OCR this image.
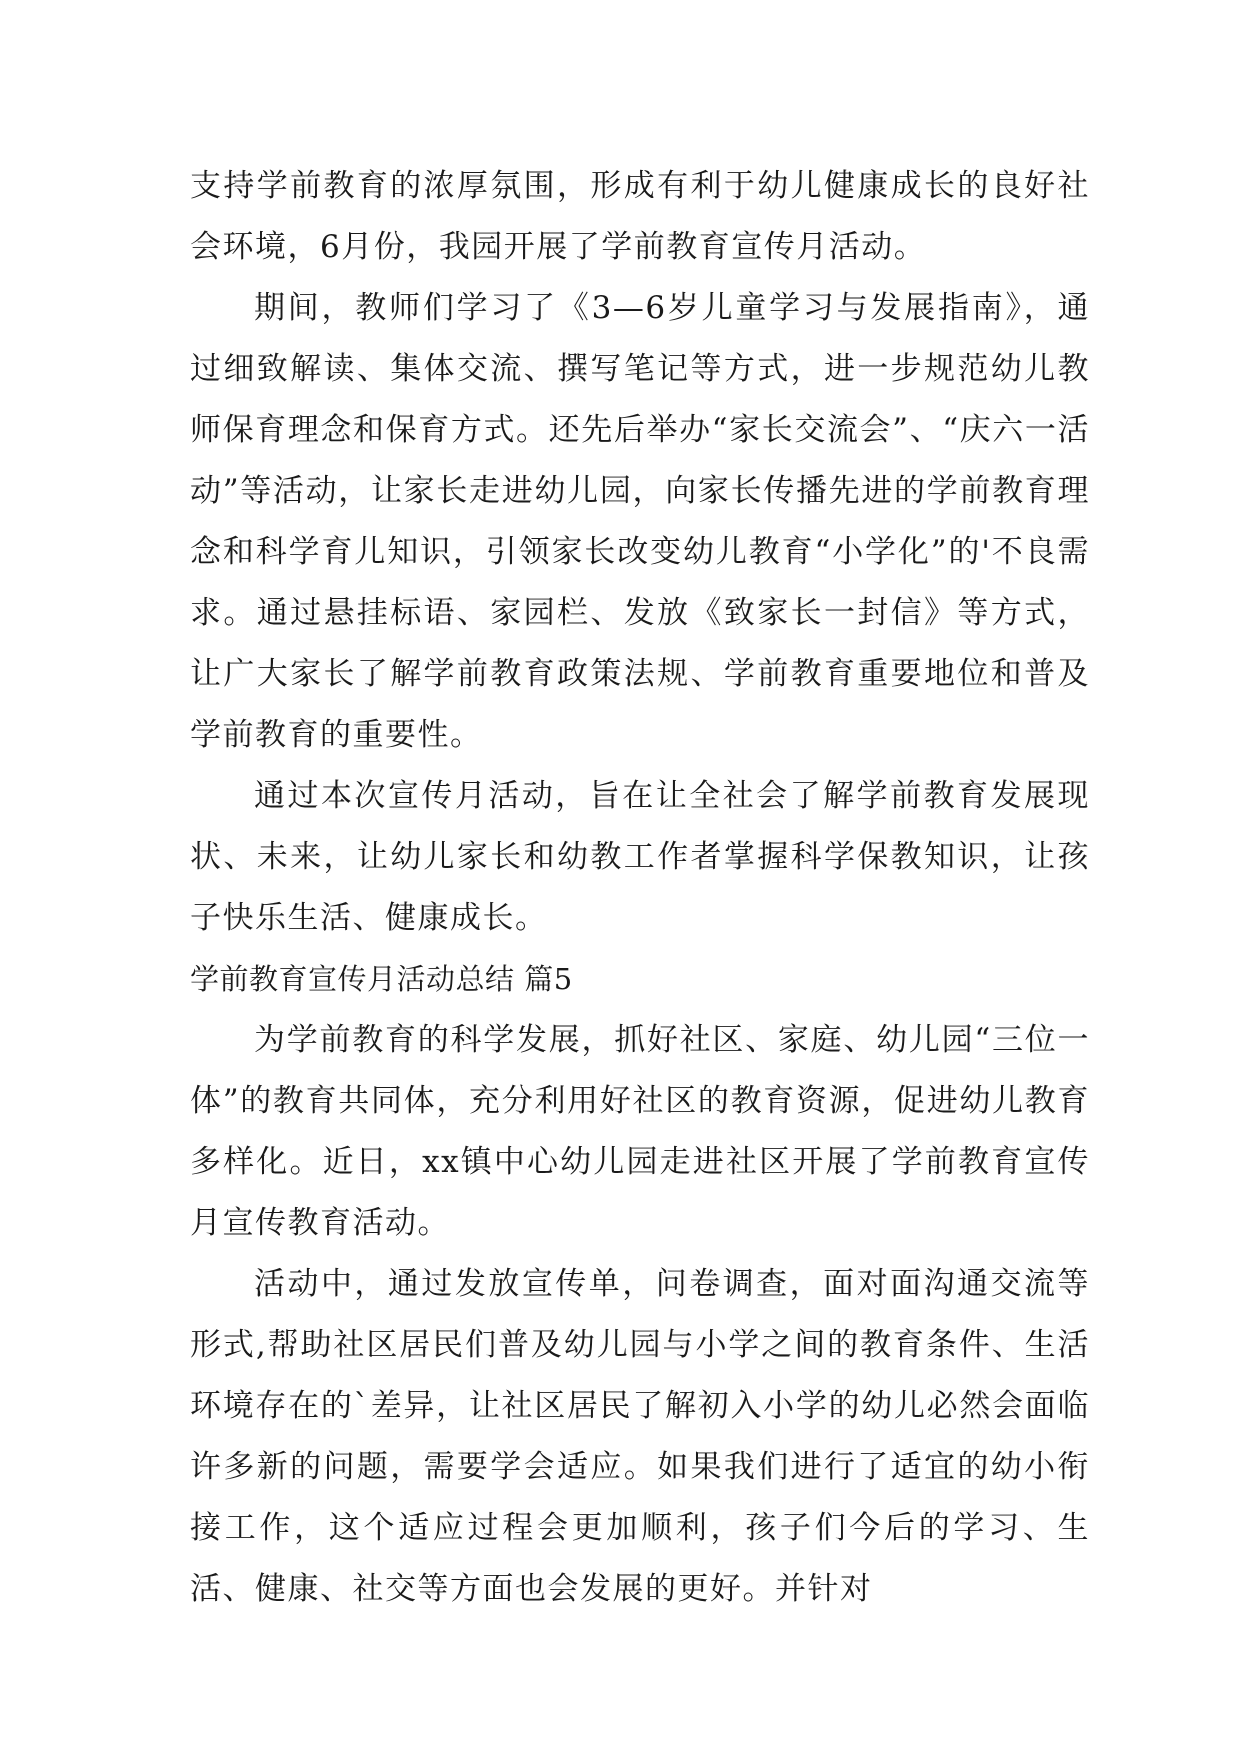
支持学前教育的浓厚氛围，形成有利于幼儿健康成长的良好社会环境，6月份，我园开展了学前教育宣传月活动。

期间，教师们学习了《3—6岁儿童学习与发展指南》，通过细致解读、集体交流、撰写笔记等方式，进一步规范幼儿教师保育理念和保育方式。还先后举办“家长交流会”、“庆六一活动”等活动，让家长走进幼儿园，向家长传播先进的学前教育理念和科学育儿知识，引领家长改变幼儿教育“小学化”的'不良需求。通过悬挂标语、家园栏、发放《致家长一封信》等方式，让广大家长了解学前教育政策法规、学前教育重要地位和普及学前教育的重要性。

通过本次宣传月活动，旨在让全社会了解学前教育发展现状、未来，让幼儿家长和幼教工作者掌握科学保教知识，让孩子快乐生活、健康成长。

学前教育宣传月活动总结 篇5

为学前教育的科学发展，抓好社区、家庭、幼儿园“三位一体”的教育共同体，充分利用好社区的教育资源，促进幼儿教育多样化。近日，xx镇中心幼儿园走进社区开展了学前教育宣传月宣传教育活动。

活动中，通过发放宣传单，问卷调查，面对面沟通交流等形式,帮助社区居民们普及幼儿园与小学之间的教育条件、生活环境存在的`差异，让社区居民了解初入小学的幼儿必然会面临许多新的问题，需要学会适应。如果我们进行了适宜的幼小衔接工作，这个适应过程会更加顺利，孩子们今后的学习、生活、健康、社交等方面也会发展的更好。并针对
